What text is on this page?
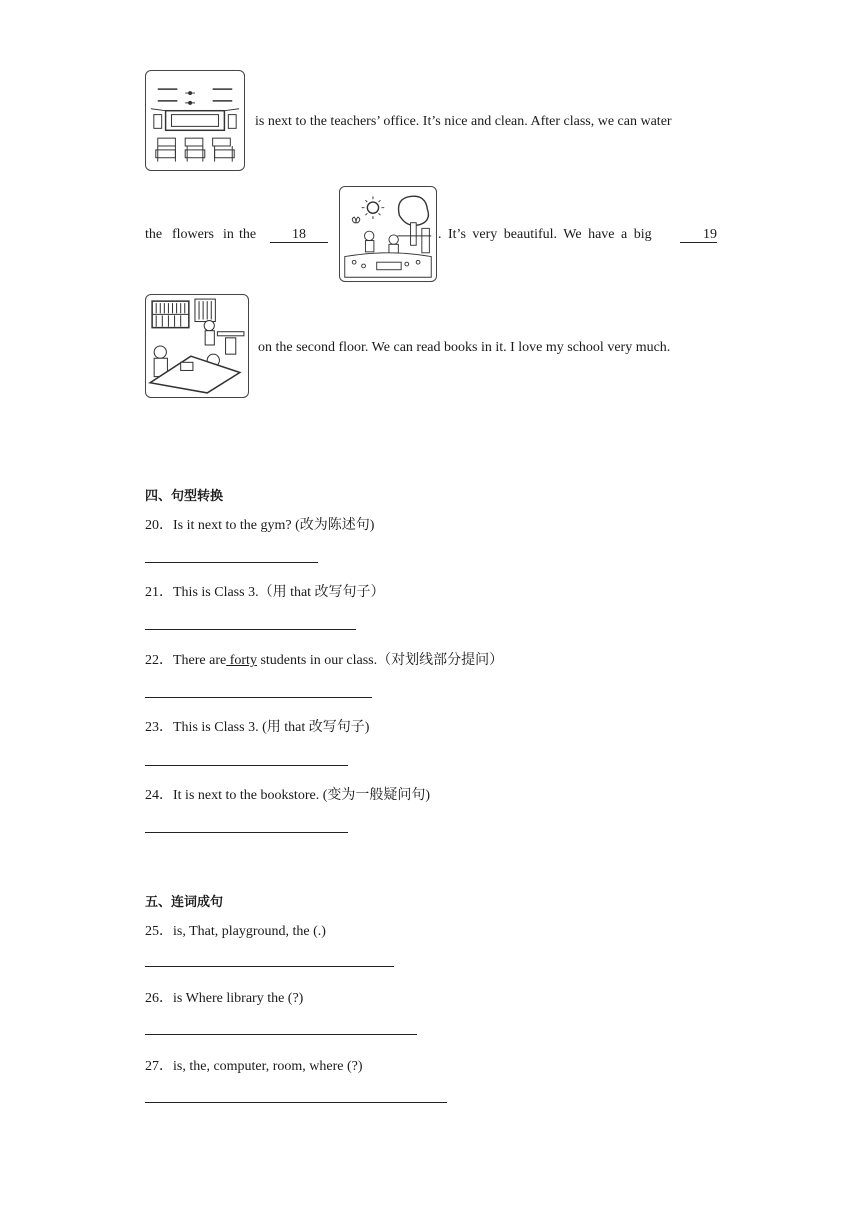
is next to the teachers’ office. It’s nice and clean. After class, we can water
the flowers in the	18	. It’s very beautiful. We have a big	19
on the second floor. We can read books in it. I love my school very much.
四、句型转换
20．Is it next to the gym? (改为陈述句)
21．This is Class 3.（用 that 改写句子）
22．There are forty students in our class.（对划线部分提问）
23．This is Class 3. (用 that 改写句子)
24．It is next to the bookstore. (变为一般疑问句)
五、连词成句
25．is, That, playground, the (.)
26．is Where library the (?)
27．is, the, computer, room, where (?)
